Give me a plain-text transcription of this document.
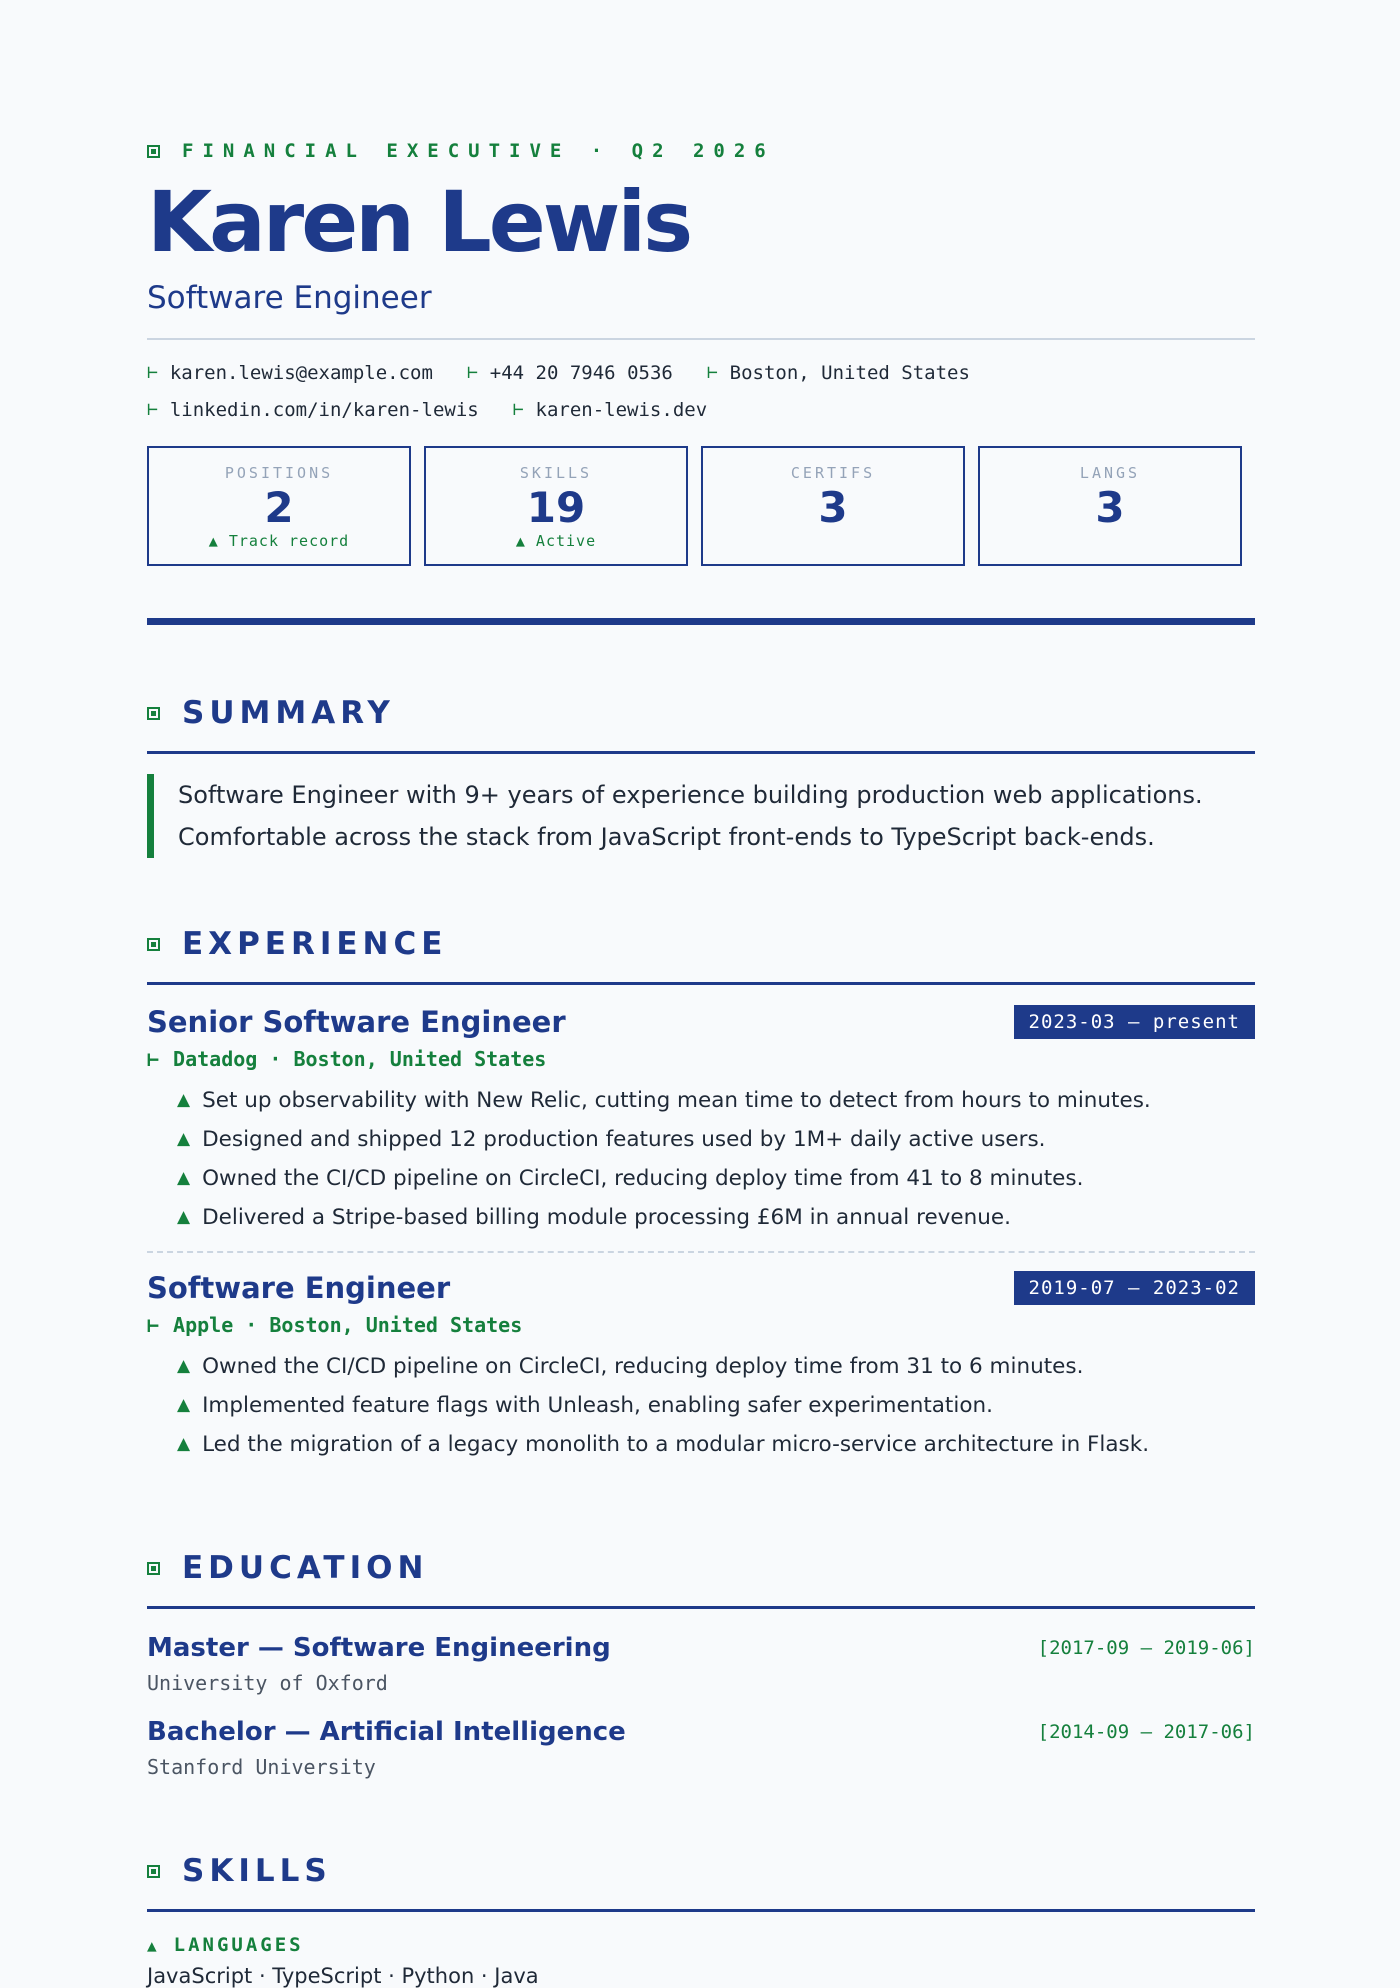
FINANCIAL EXECUTIVE · Q2 2026
Karen Lewis
Software Engineer
⊢ karen.lewis@example.com ⊢ +44 20 7946 0536 ⊢ Boston, United States
⊢ linkedin.com/in/karen-lewis ⊢ karen-lewis.dev
POSITIONS
2
▲ Track record
SKILLS
19
▲ Active
CERTIFS
3
LANGS
3
SUMMARY
Software Engineer with 9+ years of experience building production web applications. Comfortable across the stack from JavaScript front-ends to TypeScript back-ends.
EXPERIENCE
Senior Software Engineer	2023-03 — present
⊢ Datadog · Boston, United States
▲ Set up observability with New Relic, cutting mean time to detect from hours to minutes.
▲ Designed and shipped 12 production features used by 1M+ daily active users.
▲ Owned the CI/CD pipeline on CircleCI, reducing deploy time from 41 to 8 minutes.
▲ Delivered a Stripe-based billing module processing £6M in annual revenue.
Software Engineer	2019-07 — 2023-02
⊢ Apple · Boston, United States
▲ Owned the CI/CD pipeline on CircleCI, reducing deploy time from 31 to 6 minutes.
▲ Implemented feature flags with Unleash, enabling safer experimentation.
▲ Led the migration of a legacy monolith to a modular micro-service architecture in Flask.
EDUCATION
Master — Software Engineering	[2017-09 – 2019-06]
University of Oxford
Bachelor — Artificial Intelligence	[2014-09 – 2017-06]
Stanford University
SKILLS
▲ LANGUAGES
JavaScript · TypeScript · Python · Java
